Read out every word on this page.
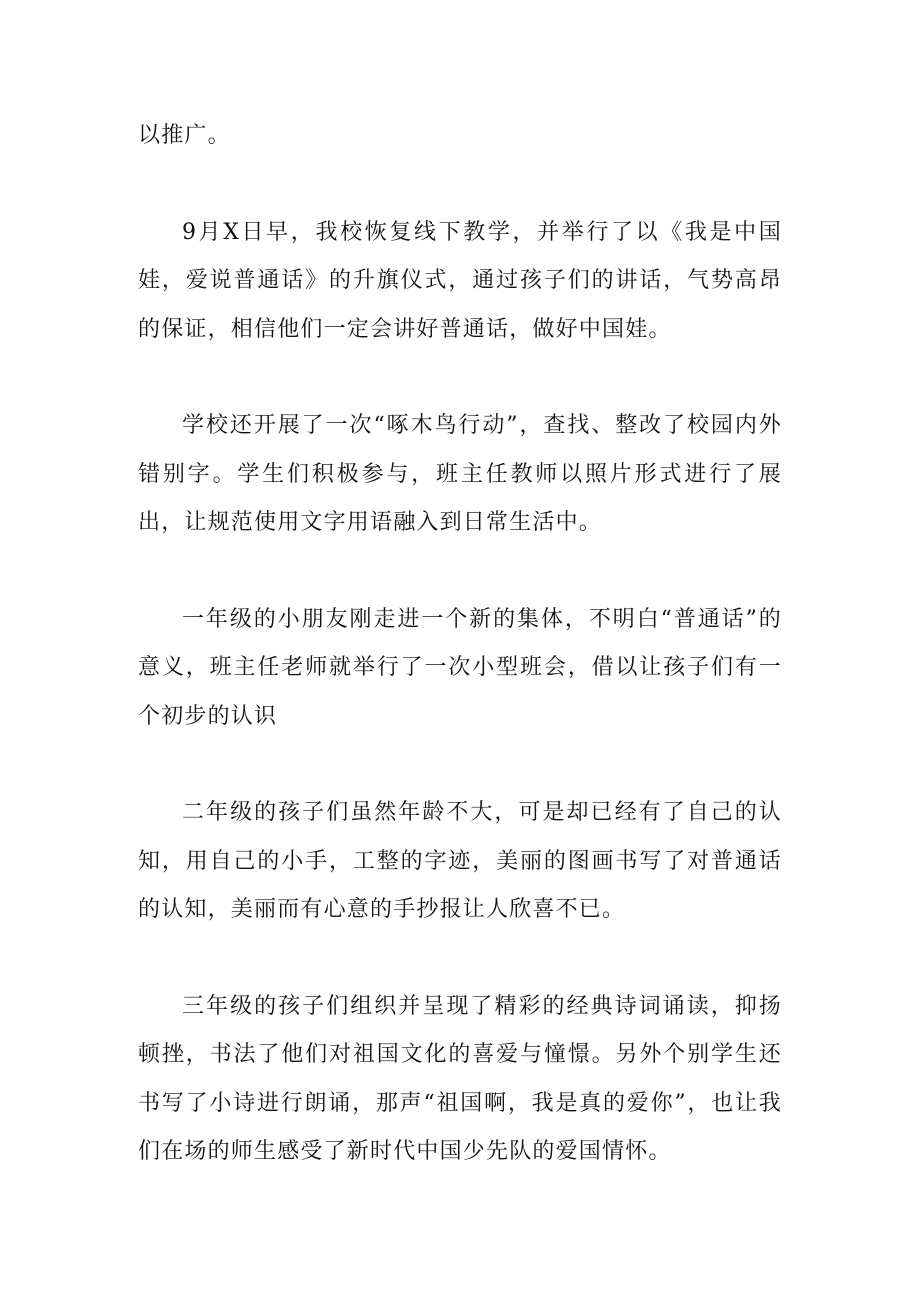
以推广。

9月X日早，我校恢复线下教学，并举行了以《我是中国娃，爱说普通话》的升旗仪式，通过孩子们的讲话，气势高昂的保证，相信他们一定会讲好普通话，做好中国娃。

学校还开展了一次“啄木鸟行动”，查找、整改了校园内外错别字。学生们积极参与，班主任教师以照片形式进行了展出，让规范使用文字用语融入到日常生活中。

一年级的小朋友刚走进一个新的集体，不明白“普通话”的意义，班主任老师就举行了一次小型班会，借以让孩子们有一个初步的认识

二年级的孩子们虽然年龄不大，可是却已经有了自己的认知，用自己的小手，工整的字迹，美丽的图画书写了对普通话的认知，美丽而有心意的手抄报让人欣喜不已。

三年级的孩子们组织并呈现了精彩的经典诗词诵读，抑扬顿挫，书法了他们对祖国文化的喜爱与憧憬。另外个别学生还书写了小诗进行朗诵，那声“祖国啊，我是真的爱你”，也让我们在场的师生感受了新时代中国少先队的爱国情怀。
